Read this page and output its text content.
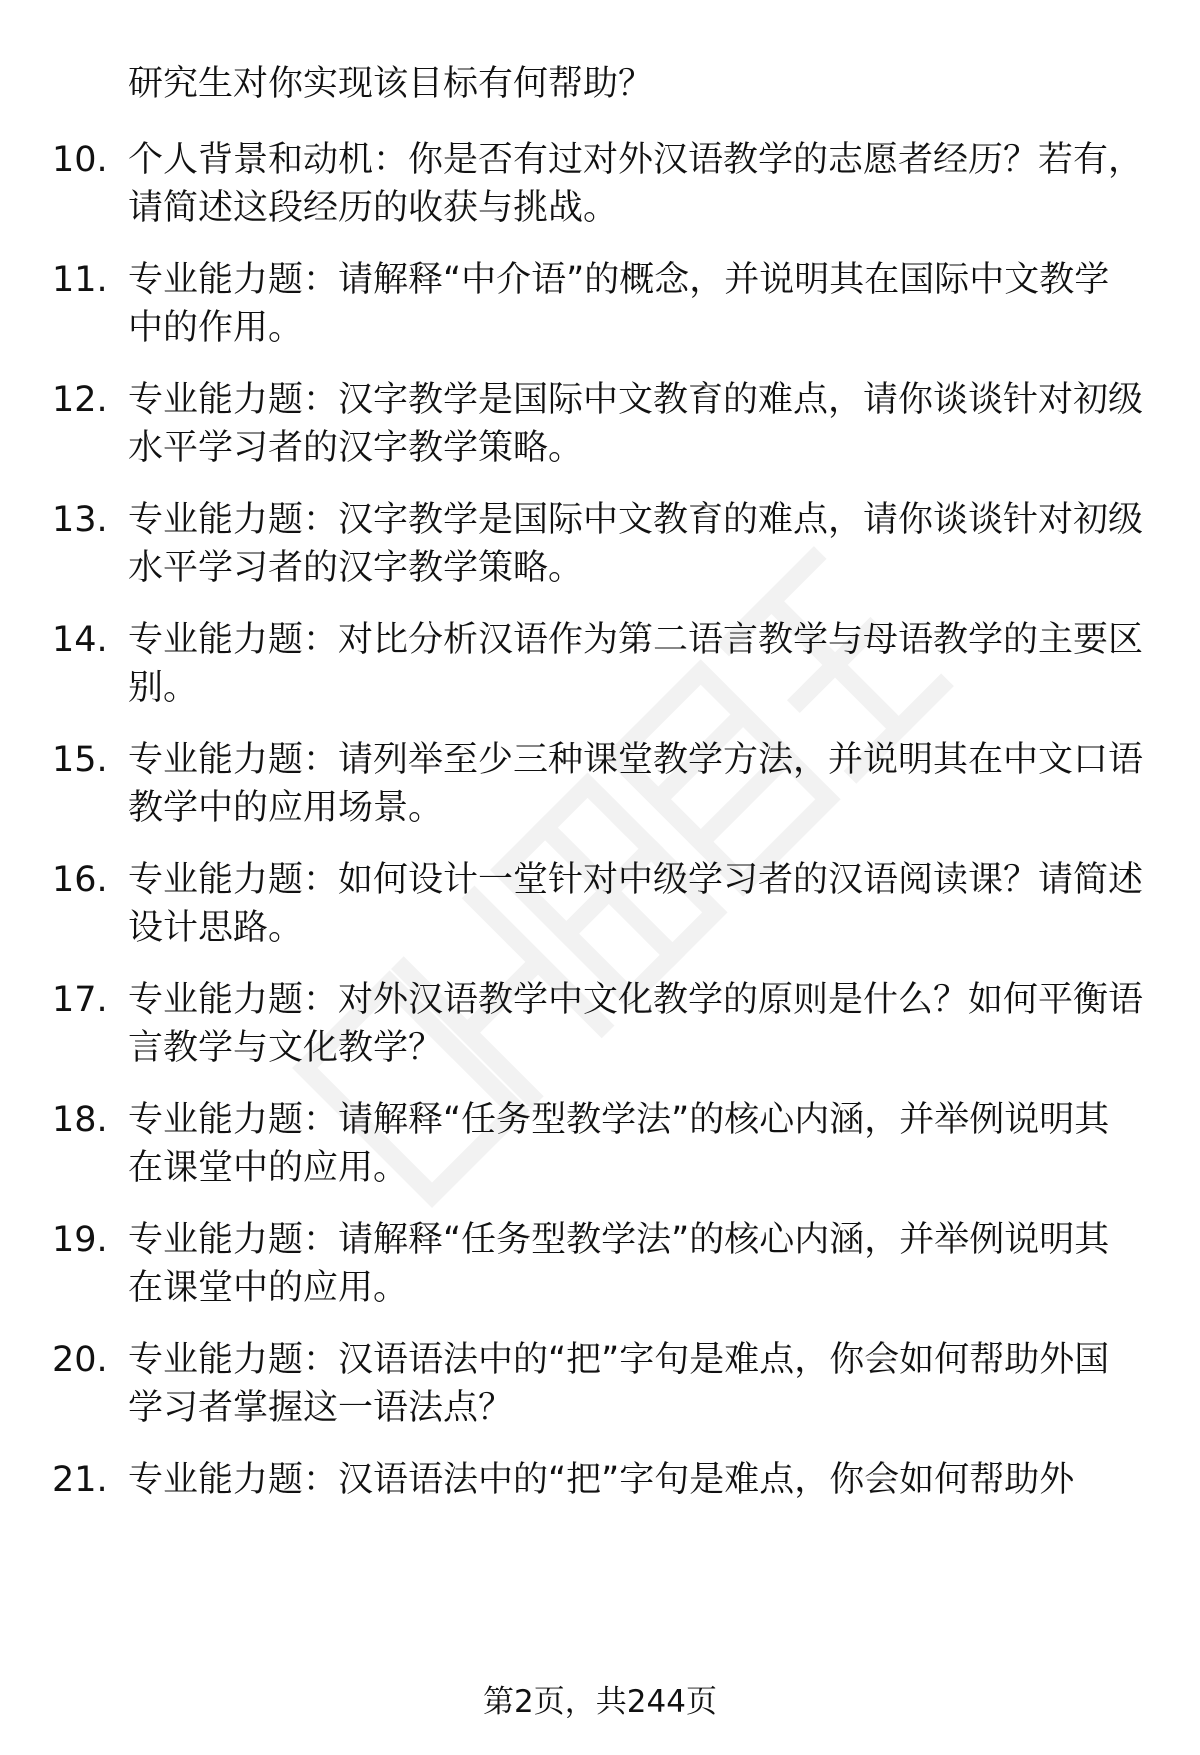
研究生对你实现该目标有何帮助？
10. 个人背景和动机：你是否有过对外汉语教学的志愿者经历？若有，请简述这段经历的收获与挑战。
11. 专业能力题：请解释“中介语”的概念，并说明其在国际中文教学中的作用。
12. 专业能力题：汉字教学是国际中文教育的难点，请你谈谈针对初级水平学习者的汉字教学策略。
13. 专业能力题：汉字教学是国际中文教育的难点，请你谈谈针对初级水平学习者的汉字教学策略。
14. 专业能力题：对比分析汉语作为第二语言教学与母语教学的主要区别。
15. 专业能力题：请列举至少三种课堂教学方法，并说明其在中文口语教学中的应用场景。
16. 专业能力题：如何设计一堂针对中级学习者的汉语阅读课？请简述设计思路。
17. 专业能力题：对外汉语教学中文化教学的原则是什么？如何平衡语言教学与文化教学？
18. 专业能力题：请解释“任务型教学法”的核心内涵，并举例说明其在课堂中的应用。
19. 专业能力题：请解释“任务型教学法”的核心内涵，并举例说明其在课堂中的应用。
20. 专业能力题：汉语语法中的“把”字句是难点，你会如何帮助外国学习者掌握这一语法点？
21. 专业能力题：汉语语法中的“把”字句是难点，你会如何帮助外
第2页，共244页
